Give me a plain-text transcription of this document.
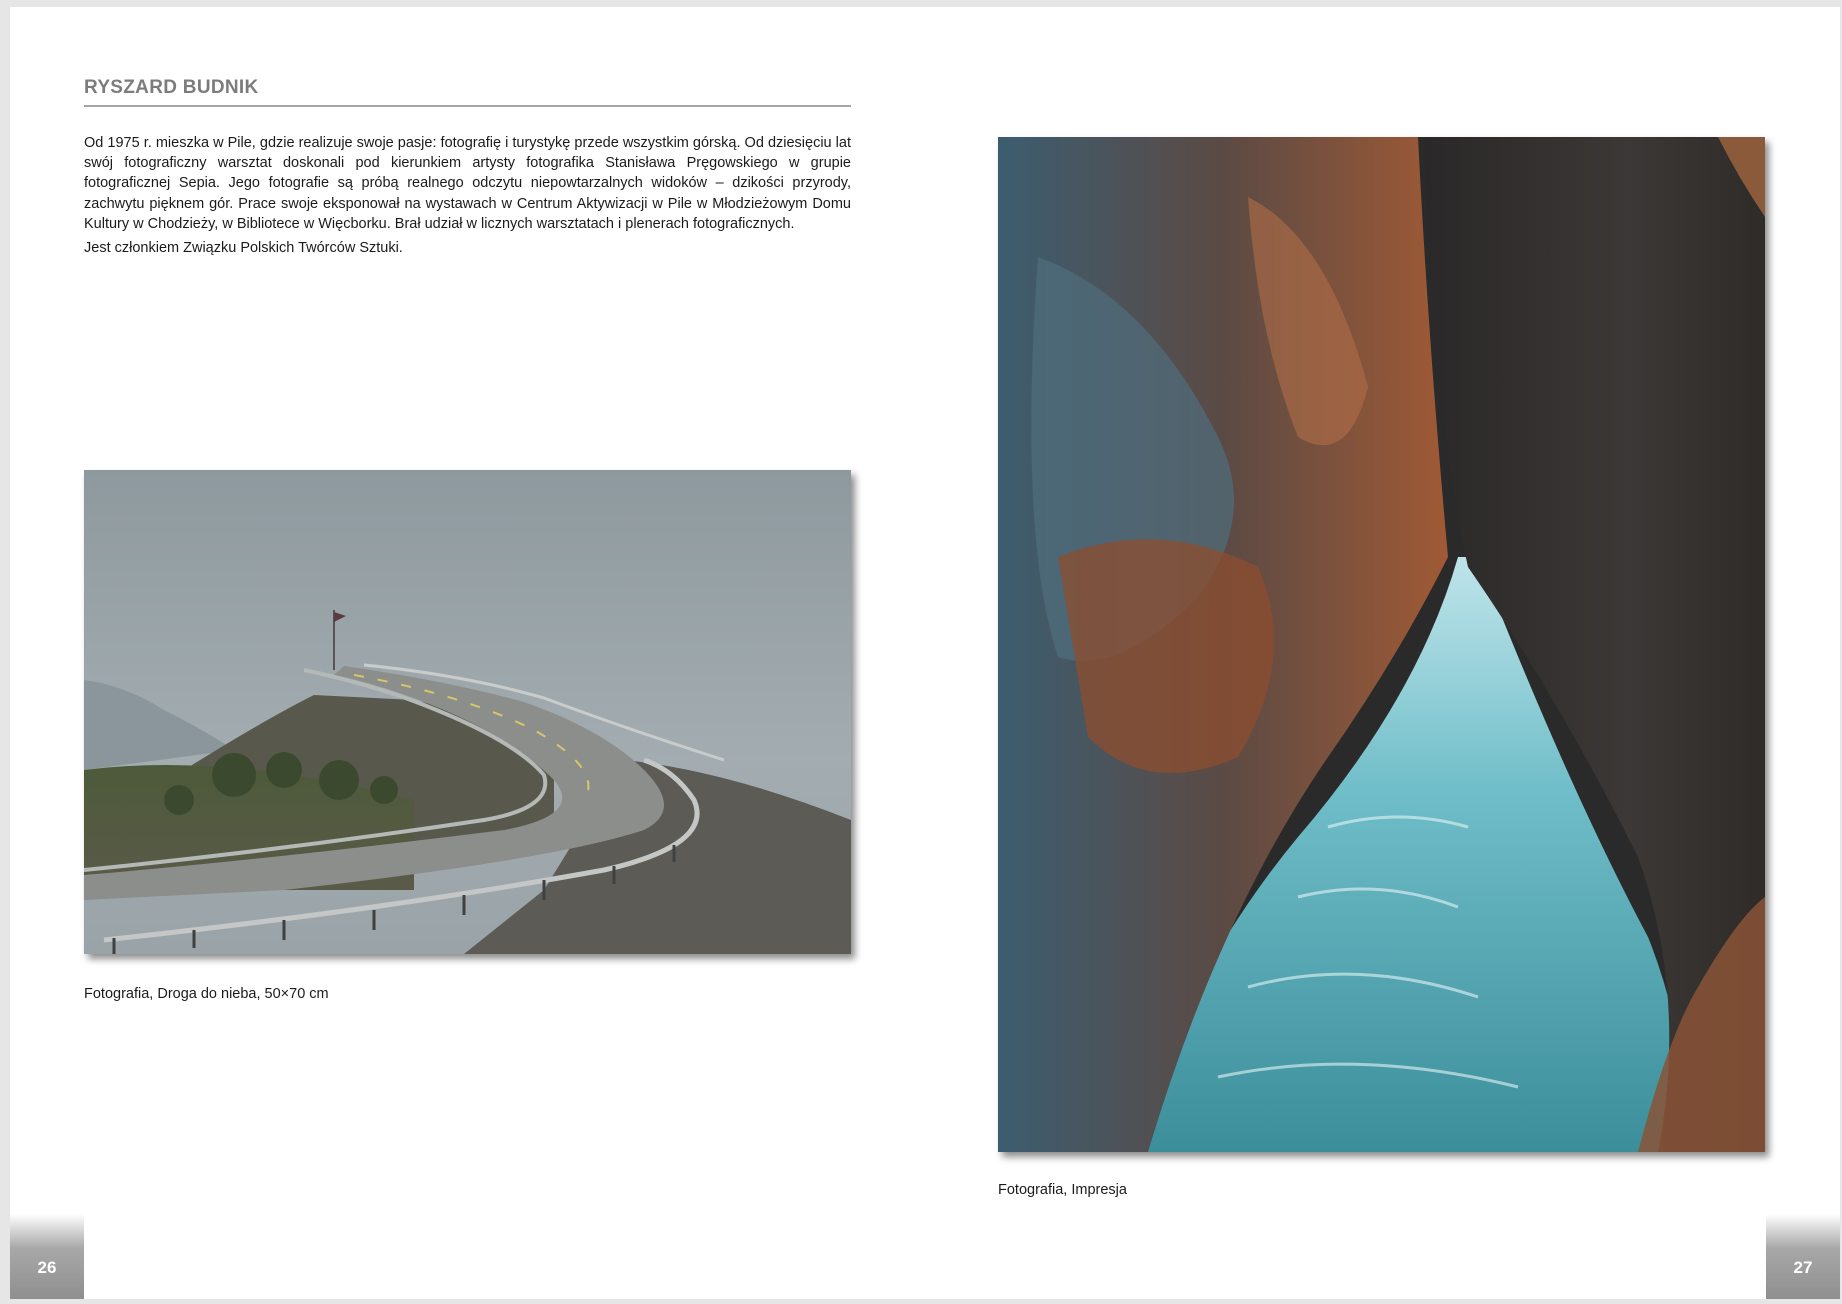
RYSZARD BUDNIK

Od 1975 r. mieszka w Pile, gdzie realizuje swoje pasje: fotografię i turystykę przede wszystkim górską. Od dziesięciu lat swój fotograficzny warsztat doskonali pod kierunkiem artysty fotografika Stanisława Pręgowskiego w grupie fotograficznej Sepia. Jego fotografie są próbą realnego odczytu niepowtarzalnych widoków – dzikości przyrody, zachwytu pięknem gór. Prace swoje eksponował na wystawach w Centrum Aktywizacji w Pile w Młodzieżowym Domu Kultury w Chodzieży, w Bibliotece w Więcborku. Brał udział w licznych warsztatach i plenerach fotograficznych.

Jest członkiem Związku Polskich Twórców Sztuki.

Fotografia, Droga do nieba, 50×70 cm
Fotografia, Impresja
26	27
